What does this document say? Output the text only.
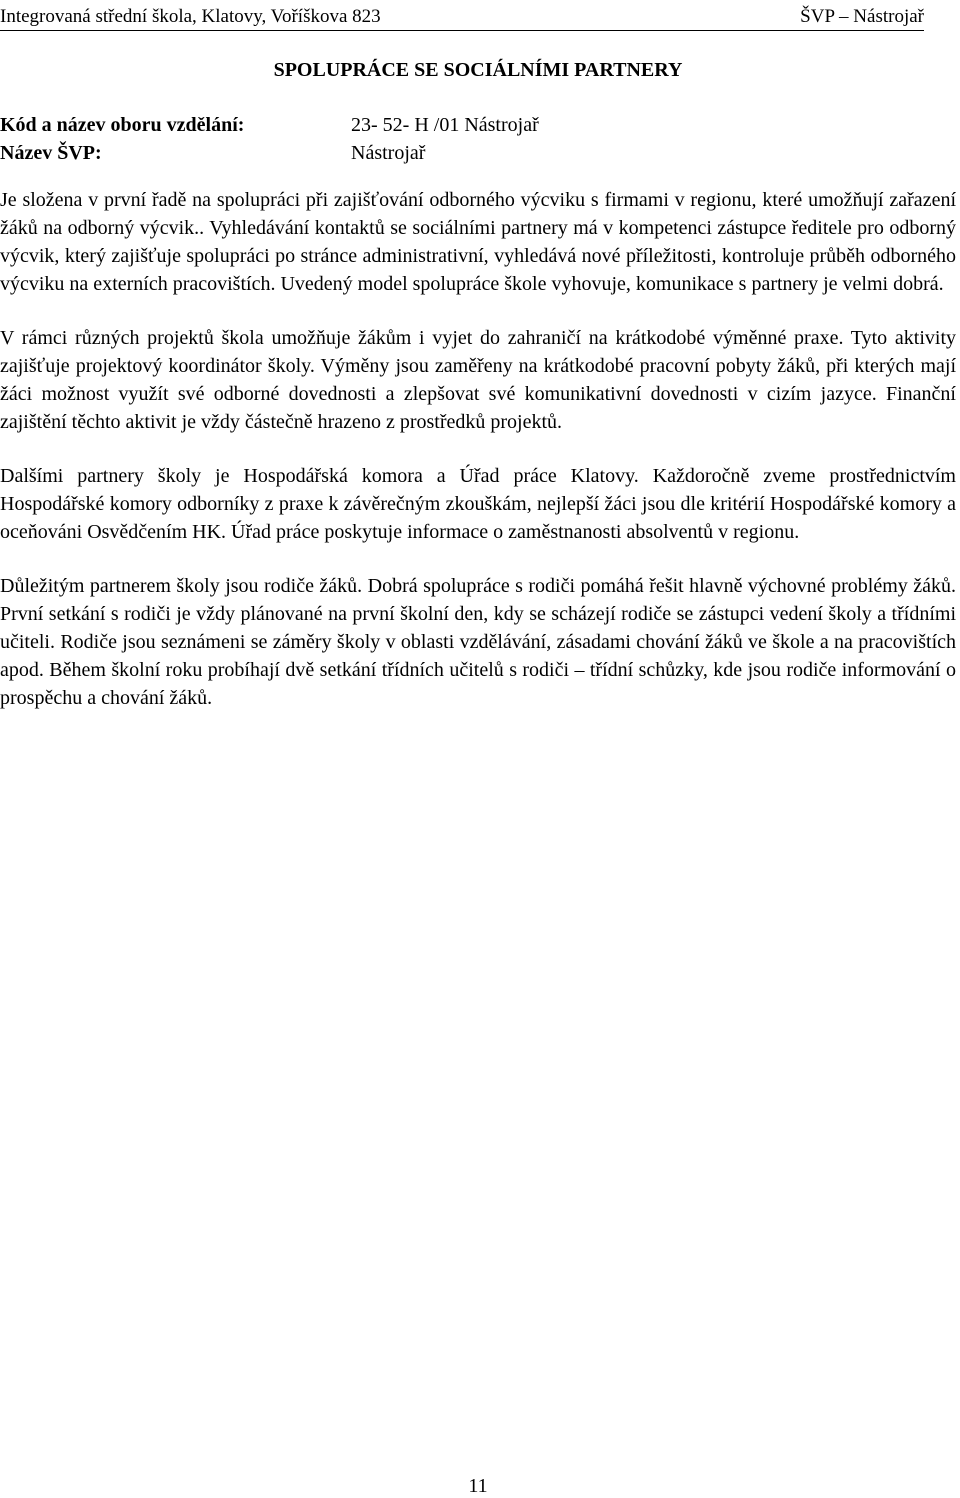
Integrovaná střední škola, Klatovy, Voříškova 823	ŠVP – Nástrojař
SPOLUPRÁCE SE SOCIÁLNÍMI PARTNERY
Kód a název oboru vzdělání:	23- 52- H /01 Nástrojař
Název ŠVP:	Nástrojař

Je složena v první řadě na spolupráci při zajišťování odborného výcviku s firmami v regionu, které umožňují zařazení žáků na odborný výcvik.. Vyhledávání kontaktů se sociálními partnery má v kompetenci zástupce ředitele pro odborný výcvik, který zajišťuje spolupráci po stránce administrativní, vyhledává nové příležitosti, kontroluje průběh odborného výcviku na externích pracovištích. Uvedený model spolupráce škole vyhovuje, komunikace s partnery je velmi dobrá.

V rámci různých projektů škola umožňuje žákům i vyjet do zahraničí na krátkodobé výměnné praxe. Tyto aktivity zajišťuje projektový koordinátor školy. Výměny jsou zaměřeny na krátkodobé pracovní pobyty žáků, při kterých mají žáci možnost využít své odborné dovednosti a zlepšovat své komunikativní dovednosti v cizím jazyce. Finanční zajištění těchto aktivit je vždy částečně hrazeno z prostředků projektů.

Dalšími partnery školy je Hospodářská komora a Úřad práce Klatovy. Každoročně zveme prostřednictvím Hospodářské komory odborníky z praxe k závěrečným zkouškám, nejlepší žáci jsou dle kritérií Hospodářské komory a oceňováni Osvědčením HK. Úřad práce poskytuje informace o zaměstnanosti absolventů v regionu.

Důležitým partnerem školy jsou rodiče žáků. Dobrá spolupráce s rodiči pomáhá řešit hlavně výchovné problémy žáků. První setkání s rodiči je vždy plánované na první školní den, kdy se scházejí rodiče se zástupci vedení školy a třídními učiteli. Rodiče jsou seznámeni se záměry školy v oblasti vzdělávání, zásadami chování žáků ve škole a na pracovištích apod. Během školní roku probíhají dvě setkání třídních učitelů s rodiči – třídní schůzky, kde jsou rodiče informování o prospěchu a chování žáků.

11
